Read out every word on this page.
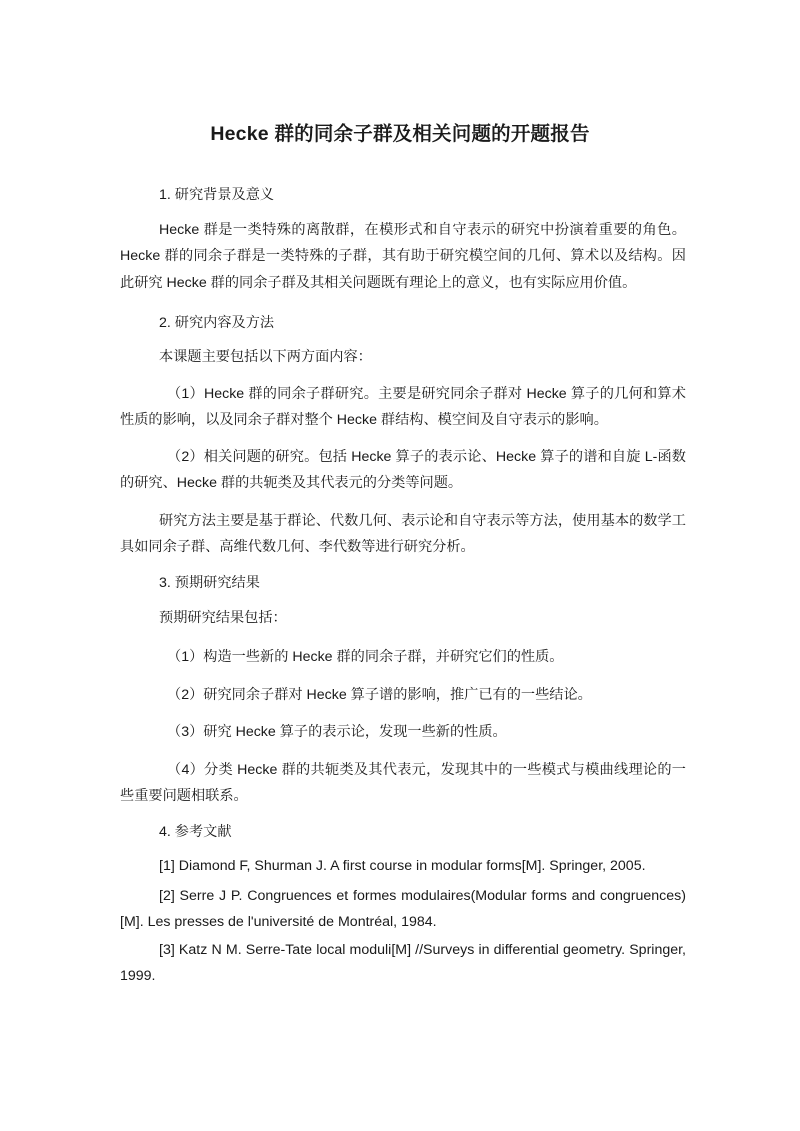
Hecke 群的同余子群及相关问题的开题报告
1. 研究背景及意义
Hecke 群是一类特殊的离散群，在模形式和自守表示的研究中扮演着重要的角色。Hecke 群的同余子群是一类特殊的子群，其有助于研究模空间的几何、算术以及结构。因此研究 Hecke 群的同余子群及其相关问题既有理论上的意义，也有实际应用价值。
2. 研究内容及方法
本课题主要包括以下两方面内容：
（1）Hecke 群的同余子群研究。主要是研究同余子群对 Hecke 算子的几何和算术性质的影响，以及同余子群对整个 Hecke 群结构、模空间及自守表示的影响。
（2）相关问题的研究。包括 Hecke 算子的表示论、Hecke 算子的谱和自旋 L-函数的研究、Hecke 群的共轭类及其代表元的分类等问题。
研究方法主要是基于群论、代数几何、表示论和自守表示等方法，使用基本的数学工具如同余子群、高维代数几何、李代数等进行研究分析。
3. 预期研究结果
预期研究结果包括：
（1）构造一些新的 Hecke 群的同余子群，并研究它们的性质。
（2）研究同余子群对 Hecke 算子谱的影响，推广已有的一些结论。
（3）研究 Hecke 算子的表示论，发现一些新的性质。
（4）分类 Hecke 群的共轭类及其代表元，发现其中的一些模式与模曲线理论的一些重要问题相联系。
4. 参考文献
[1] Diamond F, Shurman J. A first course in modular forms[M]. Springer, 2005.
[2] Serre J P. Congruences et formes modulaires(Modular forms and congruences)[M]. Les presses de l'université de Montréal, 1984.
[3] Katz N M. Serre-Tate local moduli[M] //Surveys in differential geometry. Springer, 1999.
